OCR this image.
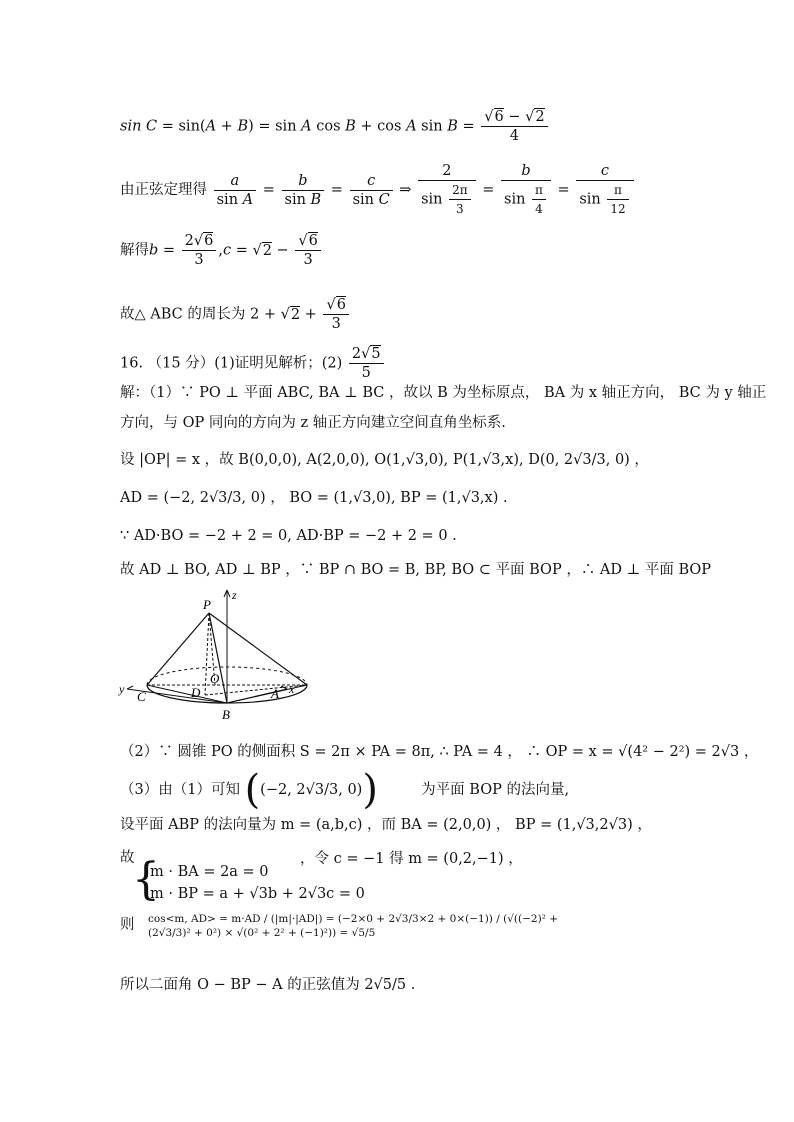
sin C = sin(A + B) = sin A cos B + cos A $\sin B = \frac{√6 - √2}{4}$
由正弦定理得 $\frac{a}{\text{sin A}} = \frac{b}{\text{sin B}} = \frac{c}{\text{sin C}}$ ⇒ $\frac{2}{\sin \frac{2\pi}{3}} = \frac{b}{\sin \frac{\pi}{4}} = \frac{c}{\sin \frac{\pi}{12}}$
解得$b = \frac{2√6}{3} ,c = √2 - \frac{√6}{3}$
故△ ABC 的周长为 $2 + √2 + \frac{√6}{3}$
16. （15 分）(1)证明见解析；$(2) \frac{2√5}{5}$
解：（1）∵ PO ⊥ 平面 ABC, BA ⊥ BC ，故以 B 为坐标原点， BA 为 x 轴正方向， BC 为 y 轴正
方向，与 OP 同向的方向为 z 轴正方向建立空间直角坐标系.
设 |OP| = x ，故 B(0,0,0), A(2,0,0), O(1,√3,0), P(1,√3,x), D(0, 2√3/3, 0) ，
AD = (−2, 2√3/3, 0) ， BO = (1,√3,0), BP = (1,√3,x) .
∵ AD·BO = −2 + 2 = 0, AD·BP = −2 + 2 = 0 .
故 AD ⊥ BO, AD ⊥ BP ，∵ BP ∩ BO = B, BP, BO ⊂ 平面 BOP ，∴ AD ⊥ 平面 BOP
P
z
O
D
y C	A x
B
（2）∵ 圆锥 PO 的侧面积 S = 2π × PA = 8π, ∴ PA = 4 ， ∴ OP = x = √(4² − 2²) = 2√3 ，
（3）由（1）可知 ((−2, 2√3/3, 0))	为平面 BOP 的法向量,
设平面 ABP 的法向量为 m = (a,b,c) ，而 BA = (2,0,0) ， BP = (1,√3,2√3) ，
故	，令 c = −1 得 m = (0,2,−1) ，
{
m · BA = 2a = 0
m · BP = a + √3b + 2√3c = 0
则 cos<m, AD> = m·AD / (|m|·|AD|) = (−2×0 + 2√3/3×2 + 0×(−1)) / (√((−2)² + (2√3/3)² + 0²) × √(0² + 2² + (−1)²)) = √5/5
所以二面角 O − BP − A 的正弦值为 2√5/5 .
